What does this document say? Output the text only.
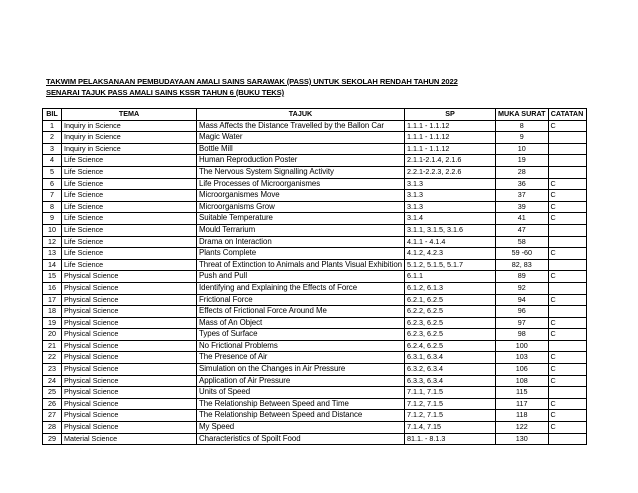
TAKWIM PELAKSANAAN PEMBUDAYAAN AMALI SAINS SARAWAK (PASS) UNTUK SEKOLAH RENDAH TAHUN 2022
SENARAI TAJUK PASS AMALI SAINS KSSR TAHUN 6 (BUKU TEKS)
BIL	TEMA	TAJUK	SP	MUKA SURAT	CATATAN
1	Inquiry in Science	Mass Affects the Distance Travelled by the Ballon Car	1.1.1 - 1.1.12	8	C
2	Inquiry in Science	Magic Water	1.1.1 - 1.1.12	9	
3	Inquiry in Science	Bottle Mill	1.1.1 - 1.1.12	10	
4	Life Science	Human Reproduction Poster	2.1.1-2.1.4, 2.1.6	19	
5	Life Science	The Nervous System Signalling Activity	2.2.1-2.2.3, 2.2.6	28	
6	Life Science	Life Processes of Microorganismes	3.1.3	36	C
7	Life Science	Microorganismes Move	3.1.3	37	C
8	Life Science	Microorganisms Grow	3.1.3	39	C
9	Life Science	Suitable Temperature	3.1.4	41	C
10	Life Science	Mould Terrarium	3.1.1, 3.1.5, 3.1.6	47	
12	Life Science	Drama on Interaction	4.1.1 - 4.1.4	58	
13	Life Science	Plants Complete	4.1.2, 4.2.3	59 -60	C
14	Life Science	Threat of Extinction to Animals and Plants Visual Exhibition	5.1.2, 5.1.5, 5.1.7	82, 83	
15	Physical Science	Push and Pull	6.1.1	89	C
16	Physical Science	Identifying and Explaining the Effects of Force	6.1.2, 6.1.3	92	
17	Physical Science	Frictional Force	6.2.1, 6.2.5	94	C
18	Physical Science	Effects of Frictional Force Around Me	6.2.2, 6.2.5	96	
19	Physical Science	Mass of An Object	6.2.3, 6.2.5	97	C
20	Physical Science	Types of Surface	6.2.3, 6.2.5	98	C
21	Physical Science	No Frictional Problems	6.2.4, 6.2.5	100	
22	Physical Science	The Presence of Air	6.3.1, 6.3.4	103	C
23	Physical Science	Simulation on the Changes in Air Pressure	6.3.2, 6.3.4	106	C
24	Physical Science	Application of Air Pressure	6.3.3, 6.3.4	108	C
25	Physical Science	Units of Speed	7.1.1, 7.1.5	115	
26	Physical Science	The Relationship Between Speed and Time	7.1.2, 7.1.5	117	C
27	Physical Science	The Relationship Between Speed and Distance	7.1.2, 7.1.5	118	C
28	Physical Science	My Speed	7.1.4, 7.15	122	C
29	Material Science	Characteristics of Spoilt Food	81.1. - 8.1.3	130	
